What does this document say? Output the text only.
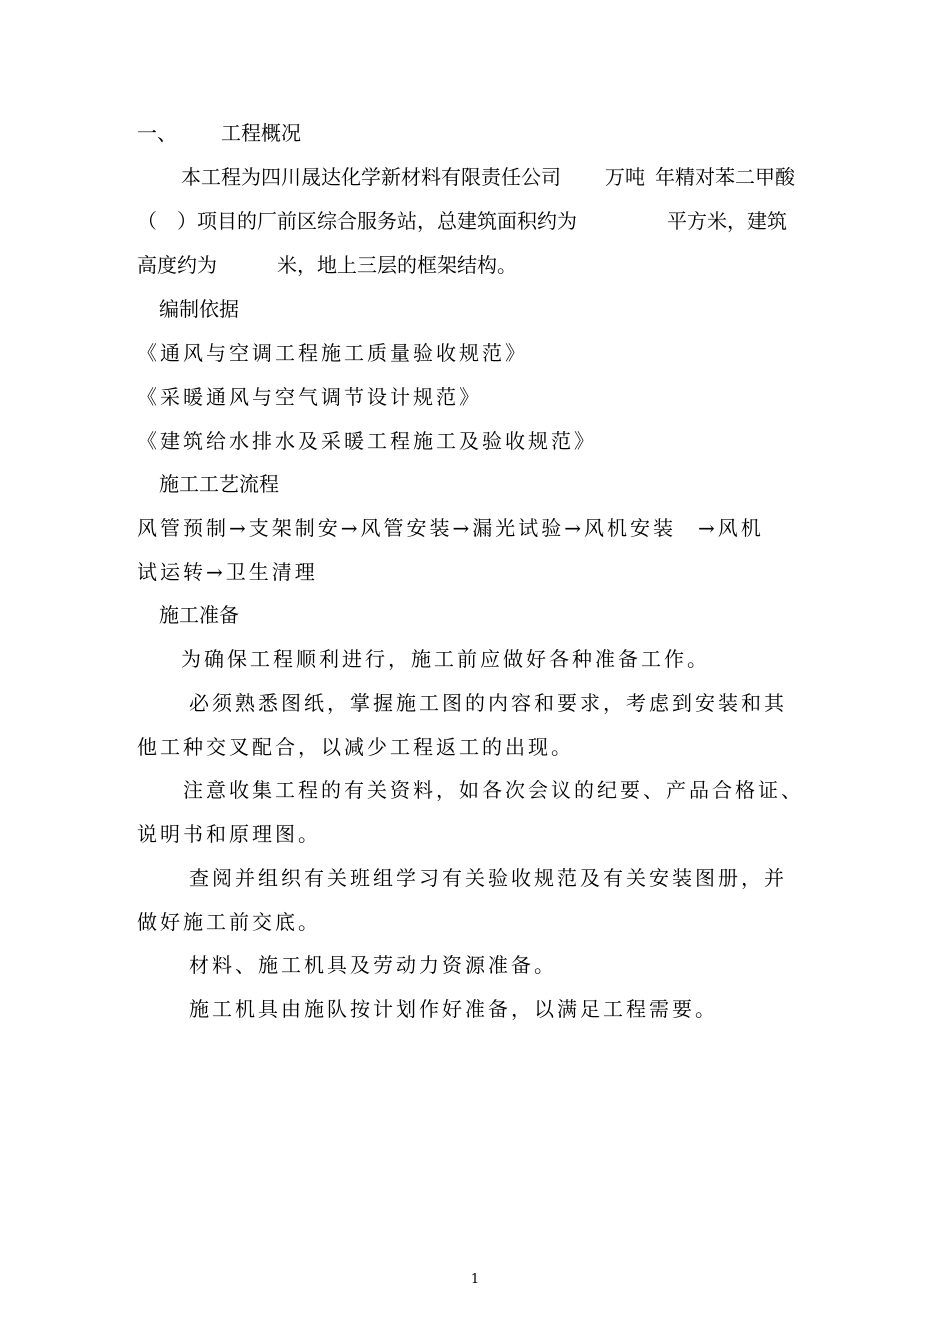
一、 工程概况
本工程为四川晟达化学新材料有限责任公司 万吨 年精对苯二甲酸
（ ）项目的厂前区综合服务站，总建筑面积约为	平方米，建筑
高度约为	米，地上三层的框架结构。
编制依据
《通风与空调工程施工质量验收规范》
《采暖通风与空气调节设计规范》
《建筑给水排水及采暖工程施工及验收规范》
施工工艺流程
风管预制→支架制安→风管安装→漏光试验→风机安装 →风机
试运转→卫生清理
施工准备
为确保工程顺利进行，施工前应做好各种准备工作。
必须熟悉图纸，掌握施工图的内容和要求，考虑到安装和其
他工种交叉配合，以减少工程返工的出现。
注意收集工程的有关资料，如各次会议的纪要、产品合格证、
说明书和原理图。
查阅并组织有关班组学习有关验收规范及有关安装图册，并
做好施工前交底。
材料、施工机具及劳动力资源准备。
施工机具由施队按计划作好准备，以满足工程需要。
1
